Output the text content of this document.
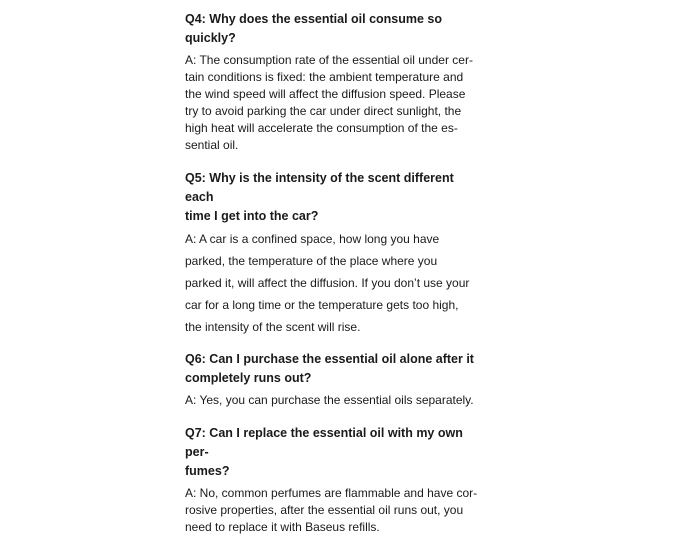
Q4: Why does the essential oil consume so quickly?

A: The consumption rate of the essential oil under cer-
tain conditions is fixed: the ambient temperature and
the wind speed will affect the diffusion speed. Please
try to avoid parking the car under direct sunlight, the
high heat will accelerate the consumption of the es-
sential oil.

Q5: Why is the intensity of the scent different each
time I get into the car?

A: A car is a confined space, how long you have
parked, the temperature of the place where you
parked it, will affect the diffusion. If you don’t use your
car for a long time or the temperature gets too high,
the intensity of the scent will rise.

Q6: Can I purchase the essential oil alone after it
completely runs out?

A: Yes, you can purchase the essential oils separately.

Q7: Can I replace the essential oil with my own per-
fumes?

A: No, common perfumes are flammable and have cor-
rosive properties, after the essential oil runs out, you
need to replace it with Baseus refills.
